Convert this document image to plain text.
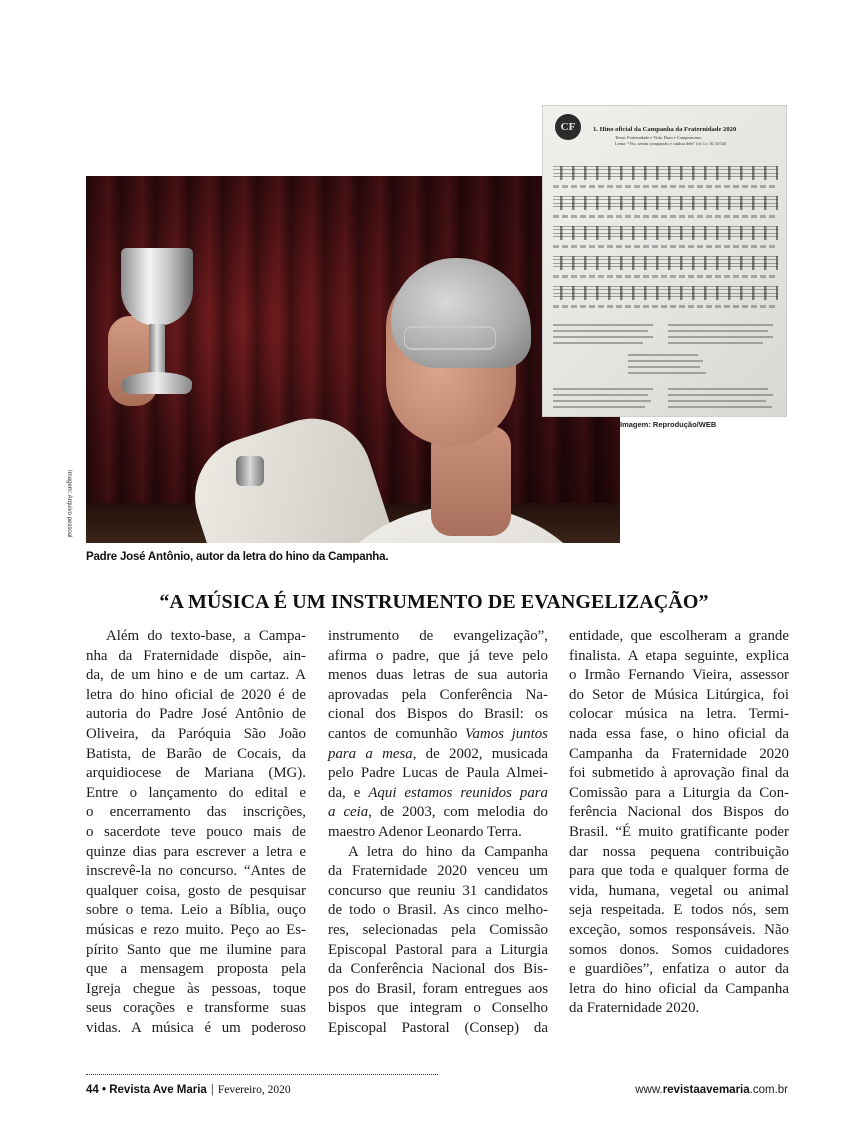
Imagem: Arquivo pessoal
Padre José Antônio, autor da letra do hino da Campanha.
CF	1. Hino oficial da Campanha da Fraternidade 2020
Tema: Fraternidade e Vida: Dom e Compromisso
Lema: “Viu, sentiu compaixão e cuidou dele” (cf. Lc 10,33-34)
Imagem: Reprodução/WEB
“A MÚSICA É UM INSTRUMENTO DE EVANGELIZAÇÃO”
Além do texto-base, a Campa-
nha da Fraternidade dispõe, ain-
da, de um hino e de um cartaz. A
letra do hino oficial de 2020 é de
autoria do Padre José Antônio de
Oliveira, da Paróquia São João
Batista, de Barão de Cocais, da
arquidiocese de Mariana (MG).
Entre o lançamento do edital e
o encerramento das inscrições,
o sacerdote teve pouco mais de
quinze dias para escrever a letra e
inscrevê-la no concurso. “Antes de
qualquer coisa, gosto de pesquisar
sobre o tema. Leio a Bíblia, ouço
músicas e rezo muito. Peço ao Es-
pírito Santo que me ilumine para
que a mensagem proposta pela
Igreja chegue às pessoas, toque
seus corações e transforme suas
vidas. A música é um poderoso
instrumento de evangelização”,
afirma o padre, que já teve pelo
menos duas letras de sua autoria
aprovadas pela Conferência Na-
cional dos Bispos do Brasil: os
cantos de comunhão Vamos juntos
para a mesa, de 2002, musicada
pelo Padre Lucas de Paula Almei-
da, e Aqui estamos reunidos para
a ceia, de 2003, com melodia do
maestro Adenor Leonardo Terra.
A letra do hino da Campanha
da Fraternidade 2020 venceu um
concurso que reuniu 31 candidatos
de todo o Brasil. As cinco melho-
res, selecionadas pela Comissão
Episcopal Pastoral para a Liturgia
da Conferência Nacional dos Bis-
pos do Brasil, foram entregues aos
bispos que integram o Conselho
Episcopal Pastoral (Consep) da
entidade, que escolheram a grande
finalista. A etapa seguinte, explica
o Irmão Fernando Vieira, assessor
do Setor de Música Litúrgica, foi
colocar música na letra. Termi-
nada essa fase, o hino oficial da
Campanha da Fraternidade 2020
foi submetido à aprovação final da
Comissão para a Liturgia da Con-
ferência Nacional dos Bispos do
Brasil. “É muito gratificante poder
dar nossa pequena contribuição
para que toda e qualquer forma de
vida, humana, vegetal ou animal
seja respeitada. E todos nós, sem
exceção, somos responsáveis. Não
somos donos. Somos cuidadores
e guardiões”, enfatiza o autor da
letra do hino oficial da Campanha
da Fraternidade 2020.
44 • Revista Ave Maria | Fevereiro, 2020	www.revistaavemaria.com.br
